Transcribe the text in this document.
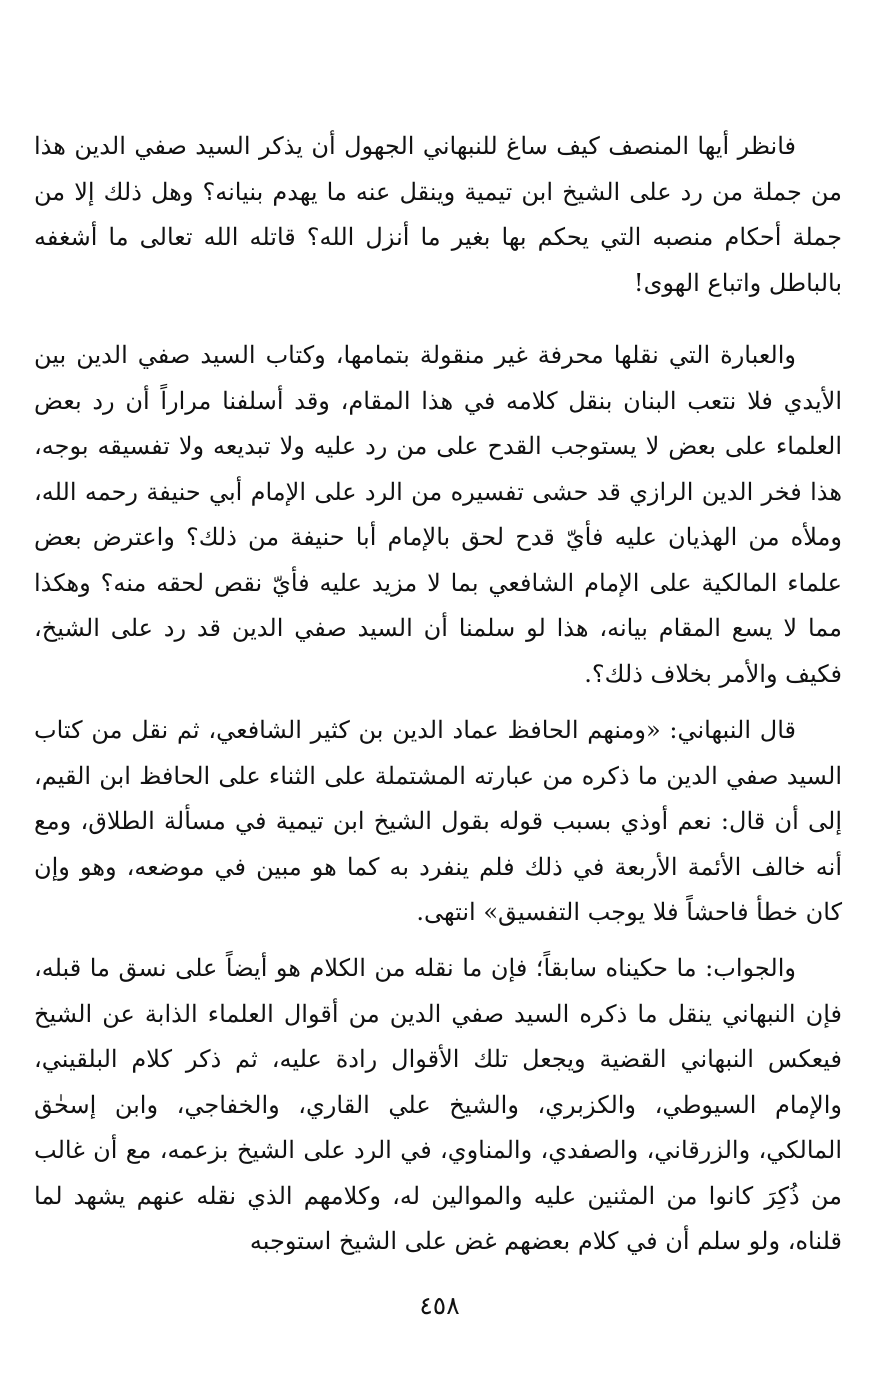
فانظر أيها المنصف كيف ساغ للنبهاني الجهول أن يذكر السيد صفي الدين هذا من جملة من رد على الشيخ ابن تيمية وينقل عنه ما يهدم بنيانه؟ وهل ذلك إلا من جملة أحكام منصبه التي يحكم بها بغير ما أنزل الله؟ قاتله الله تعالى ما أشغفه بالباطل واتباع الهوى!

والعبارة التي نقلها محرفة غير منقولة بتمامها، وكتاب السيد صفي الدين بين الأيدي فلا نتعب البنان بنقل كلامه في هذا المقام، وقد أسلفنا مراراً أن رد بعض العلماء على بعض لا يستوجب القدح على من رد عليه ولا تبديعه ولا تفسيقه بوجه، هذا فخر الدين الرازي قد حشى تفسيره من الرد على الإمام أبي حنيفة رحمه الله، وملأه من الهذيان عليه فأيّ قدح لحق بالإمام أبا حنيفة من ذلك؟ واعترض بعض علماء المالكية على الإمام الشافعي بما لا مزيد عليه فأيّ نقص لحقه منه؟ وهكذا مما لا يسع المقام بيانه، هذا لو سلمنا أن السيد صفي الدين قد رد على الشيخ، فكيف والأمر بخلاف ذلك؟.

قال النبهاني: «ومنهم الحافظ عماد الدين بن كثير الشافعي، ثم نقل من كتاب السيد صفي الدين ما ذكره من عبارته المشتملة على الثناء على الحافظ ابن القيم، إلى أن قال: نعم أوذي بسبب قوله بقول الشيخ ابن تيمية في مسألة الطلاق، ومع أنه خالف الأئمة الأربعة في ذلك فلم ينفرد به كما هو مبين في موضعه، وهو وإن كان خطأ فاحشاً فلا يوجب التفسيق» انتهى.

والجواب: ما حكيناه سابقاً؛ فإن ما نقله من الكلام هو أيضاً على نسق ما قبله، فإن النبهاني ينقل ما ذكره السيد صفي الدين من أقوال العلماء الذابة عن الشيخ فيعكس النبهاني القضية ويجعل تلك الأقوال رادة عليه، ثم ذكر كلام البلقيني، والإمام السيوطي، والكزبري، والشيخ علي القاري، والخفاجي، وابن إسحٰق المالكي، والزرقاني، والصفدي، والمناوي، في الرد على الشيخ بزعمه، مع أن غالب من ذُكِرَ كانوا من المثنين عليه والموالين له، وكلامهم الذي نقله عنهم يشهد لما قلناه، ولو سلم أن في كلام بعضهم غض على الشيخ استوجبه

٤٥٨
